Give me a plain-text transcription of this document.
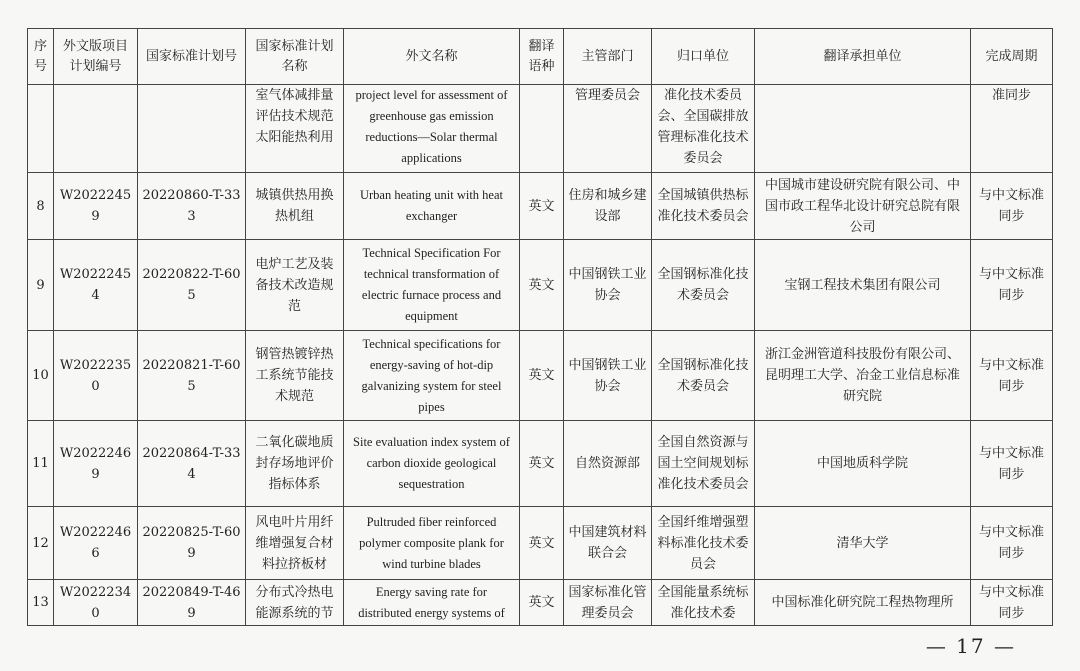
序号	外文版项目计划编号	国家标准计划号	国家标准计划名称	外文名称	翻译语种	主管部门	归口单位	翻译承担单位	完成周期
			室气体减排量评估技术规范太阳能热利用	project level for assessment of greenhouse gas emission reductions—Solar thermal applications		管理委员会	准化技术委员会、全国碳排放管理标准化技术委员会		准同步
8	W20222459	20220860-T-333	城镇供热用换热机组	Urban heating unit with heat exchanger	英文	住房和城乡建设部	全国城镇供热标准化技术委员会	中国城市建设研究院有限公司、中国市政工程华北设计研究总院有限公司	与中文标准同步
9	W20222454	20220822-T-605	电炉工艺及装备技术改造规范	Technical Specification For technical transformation of electric furnace process and equipment	英文	中国钢铁工业协会	全国钢标准化技术委员会	宝钢工程技术集团有限公司	与中文标准同步
10	W20222350	20220821-T-605	钢管热镀锌热工系统节能技术规范	Technical specifications for energy-saving of hot-dip galvanizing system for steel pipes	英文	中国钢铁工业协会	全国钢标准化技术委员会	浙江金洲管道科技股份有限公司、昆明理工大学、冶金工业信息标准研究院	与中文标准同步
11	W20222469	20220864-T-334	二氧化碳地质封存场地评价指标体系	Site evaluation index system of carbon dioxide geological sequestration	英文	自然资源部	全国自然资源与国土空间规划标准化技术委员会	中国地质科学院	与中文标准同步
12	W20222466	20220825-T-609	风电叶片用纤维增强复合材料拉挤板材	Pultruded fiber reinforced polymer composite plank for wind turbine blades	英文	中国建筑材料联合会	全国纤维增强塑料标准化技术委员会	清华大学	与中文标准同步
13	W20222340	20220849-T-469	分布式冷热电能源系统的节	Energy saving rate for distributed energy systems of	英文	国家标准化管理委员会	全国能量系统标准化技术委	中国标准化研究院工程热物理所	与中文标准同步
— 17 —
